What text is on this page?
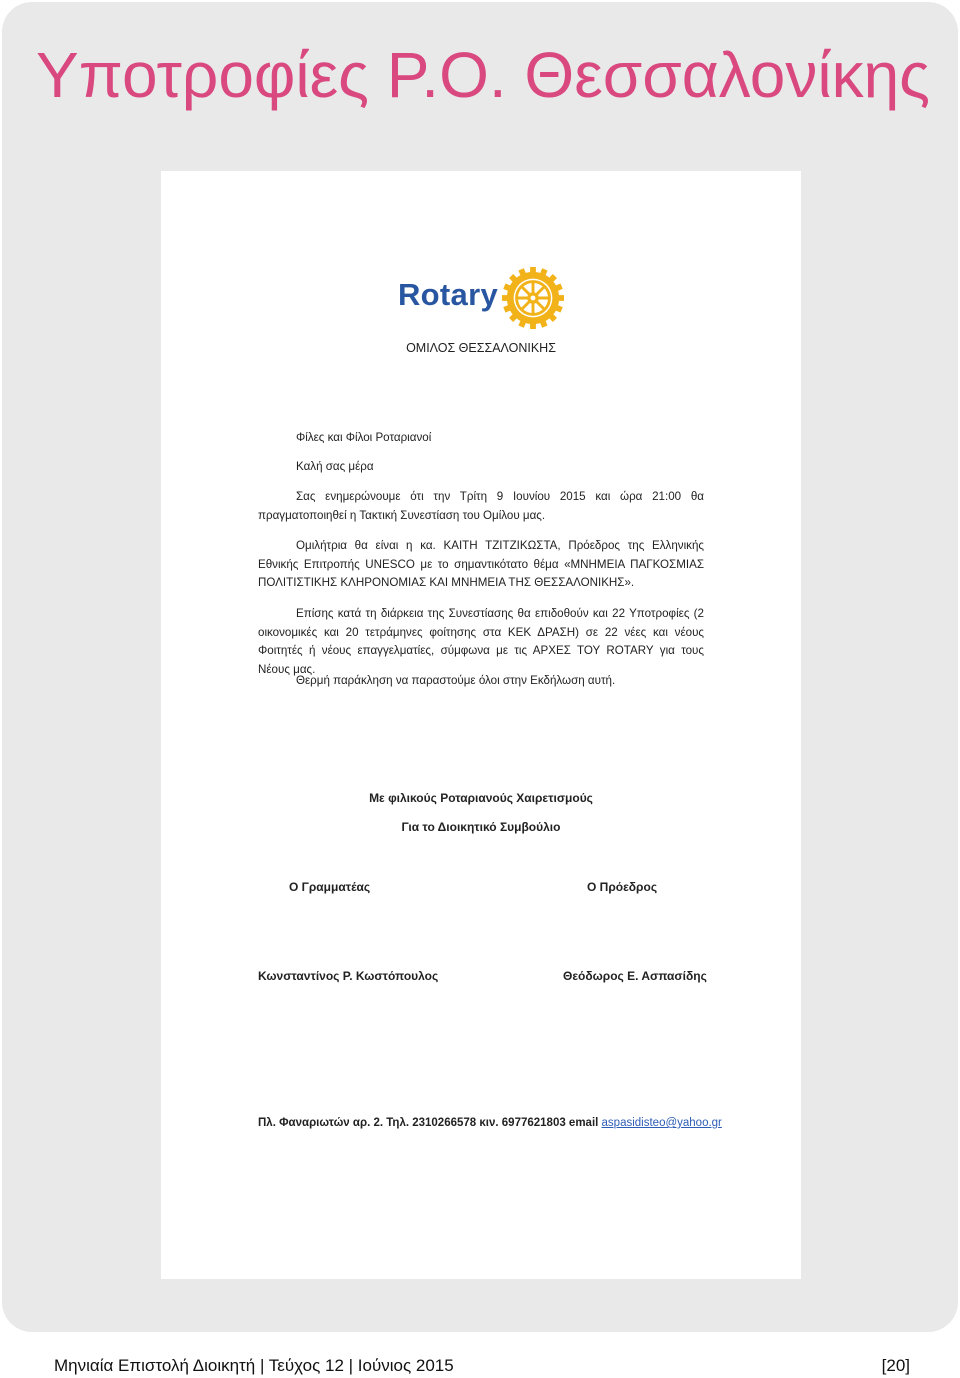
Υποτροφίες Ρ.Ο. Θεσσαλονίκης
Rotary
ΟΜΙΛΟΣ ΘΕΣΣΑΛΟΝΙΚΗΣ
Φίλες και Φίλοι Ροταριανοί
Καλή σας μέρα
Σας ενημερώνουμε ότι την Τρίτη 9 Ιουνίου 2015 και ώρα 21:00 θα πραγματοποιηθεί η Τακτική Συνεστίαση του Ομίλου μας.
Ομιλήτρια θα είναι η κα. ΚΑΙΤΗ ΤΖΙΤΖΙΚΩΣΤΑ, Πρόεδρος της Ελληνικής Εθνικής Επιτροπής UNESCO με το σημαντικότατο θέμα «ΜΝΗΜΕΙΑ ΠΑΓΚΟΣΜΙΑΣ ΠΟΛΙΤΙΣΤΙΚΗΣ ΚΛΗΡΟΝΟΜΙΑΣ ΚΑΙ ΜΝΗΜΕΙΑ ΤΗΣ ΘΕΣΣΑΛΟΝΙΚΗΣ».
Επίσης κατά τη διάρκεια της Συνεστίασης θα επιδοθούν και 22 Υποτροφίες (2 οικονομικές και 20 τετράμηνες φοίτησης στα ΚΕΚ ΔΡΑΣΗ) σε 22 νέες και νέους Φοιτητές ή νέους επαγγελματίες, σύμφωνα με τις ΑΡΧΕΣ ΤΟΥ ROTARY για τους Νέους μας.
Θερμή παράκληση να παραστούμε όλοι στην Εκδήλωση αυτή.
Με φιλικούς Ροταριανούς Χαιρετισμούς
Για το Διοικητικό Συμβούλιο
Ο Γραμματέας	Ο Πρόεδρος
Κωνσταντίνος Ρ. Κωστόπουλος	Θεόδωρος Ε. Ασπασίδης
Πλ. Φαναριωτών αρ. 2. Τηλ. 2310266578 κιν. 6977621803 email aspasidisteo@yahoo.gr
Μηνιαία Επιστολή Διοικητή | Τεύχος 12 | Ιούνιος 2015	[20]
